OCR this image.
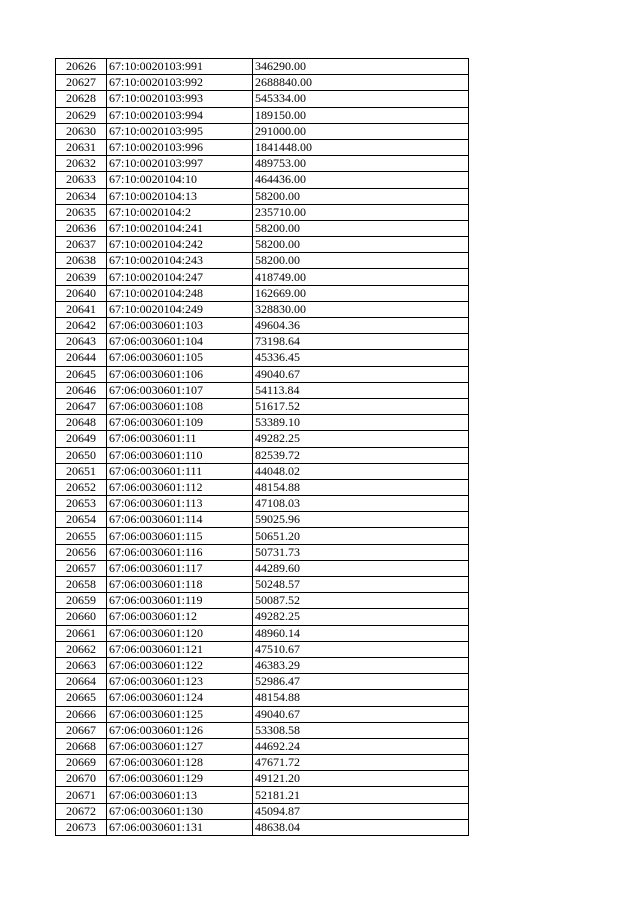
20626	67:10:0020103:991	346290.00
20627	67:10:0020103:992	2688840.00
20628	67:10:0020103:993	545334.00
20629	67:10:0020103:994	189150.00
20630	67:10:0020103:995	291000.00
20631	67:10:0020103:996	1841448.00
20632	67:10:0020103:997	489753.00
20633	67:10:0020104:10	464436.00
20634	67:10:0020104:13	58200.00
20635	67:10:0020104:2	235710.00
20636	67:10:0020104:241	58200.00
20637	67:10:0020104:242	58200.00
20638	67:10:0020104:243	58200.00
20639	67:10:0020104:247	418749.00
20640	67:10:0020104:248	162669.00
20641	67:10:0020104:249	328830.00
20642	67:06:0030601:103	49604.36
20643	67:06:0030601:104	73198.64
20644	67:06:0030601:105	45336.45
20645	67:06:0030601:106	49040.67
20646	67:06:0030601:107	54113.84
20647	67:06:0030601:108	51617.52
20648	67:06:0030601:109	53389.10
20649	67:06:0030601:11	49282.25
20650	67:06:0030601:110	82539.72
20651	67:06:0030601:111	44048.02
20652	67:06:0030601:112	48154.88
20653	67:06:0030601:113	47108.03
20654	67:06:0030601:114	59025.96
20655	67:06:0030601:115	50651.20
20656	67:06:0030601:116	50731.73
20657	67:06:0030601:117	44289.60
20658	67:06:0030601:118	50248.57
20659	67:06:0030601:119	50087.52
20660	67:06:0030601:12	49282.25
20661	67:06:0030601:120	48960.14
20662	67:06:0030601:121	47510.67
20663	67:06:0030601:122	46383.29
20664	67:06:0030601:123	52986.47
20665	67:06:0030601:124	48154.88
20666	67:06:0030601:125	49040.67
20667	67:06:0030601:126	53308.58
20668	67:06:0030601:127	44692.24
20669	67:06:0030601:128	47671.72
20670	67:06:0030601:129	49121.20
20671	67:06:0030601:13	52181.21
20672	67:06:0030601:130	45094.87
20673	67:06:0030601:131	48638.04
